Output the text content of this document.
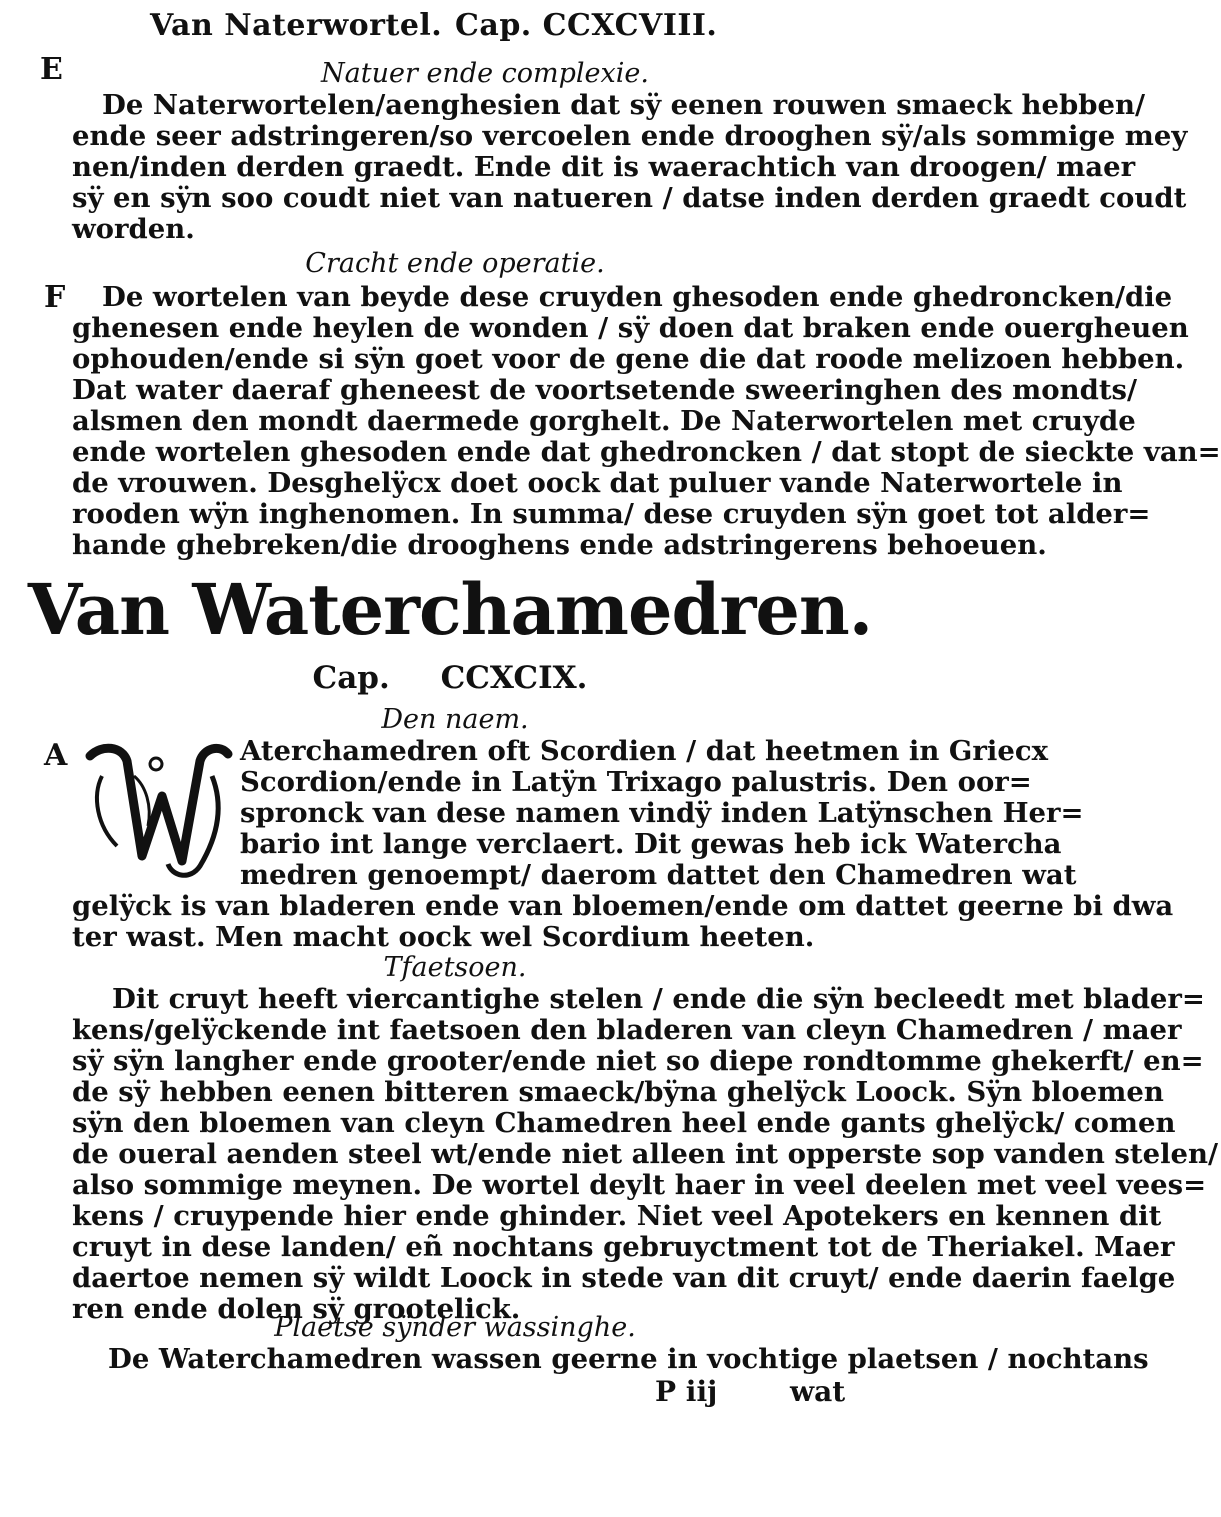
Van Naterwortel. Cap. CCXCVIII.
E	Natuer ende complexie.
De Naterwortelen/aenghesien dat sÿ eenen rouwen smaeck hebben/
ende seer adstringeren/so vercoelen ende drooghen sÿ/als sommige mey
nen/inden derden graedt. Ende dit is waerachtich van droogen/ maer
sÿ en sÿn soo coudt niet van natueren / datse inden derden graedt coudt
worden.
Cracht ende operatie.
F	De wortelen van beyde dese cruyden ghesoden ende ghedroncken/die
ghenesen ende heylen de wonden / sÿ doen dat braken ende ouergheuen
ophouden/ende si sÿn goet voor de gene die dat roode melizoen hebben.
Dat water daeraf gheneest de voortsetende sweeringhen des mondts/
alsmen den mondt daermede gorghelt. De Naterwortelen met cruyde
ende wortelen ghesoden ende dat ghedroncken / dat stopt de sieckte van=
de vrouwen. Desghelÿcx doet oock dat puluer vande Naterwortele in
rooden wÿn inghenomen. In summa/ dese cruyden sÿn goet tot alder=
hande ghebreken/die drooghens ende adstringerens behoeuen.
Van Waterchamedren.
Cap. CCXCIX.
Den naem.
A
W
Aterchamedren oft Scordien / dat heetmen in Griecx
Scordion/ende in Latÿn Trixago palustris. Den oor=
spronck van dese namen vindÿ inden Latÿnschen Her=
bario int lange verclaert. Dit gewas heb ick Watercha
medren genoempt/ daerom dattet den Chamedren wat
gelÿck is van bladeren ende van bloemen/ende om dattet geerne bi dwa
ter wast. Men macht oock wel Scordium heeten.
Tfaetsoen.
Dit cruyt heeft viercantighe stelen / ende die sÿn becleedt met blader=
kens/gelÿckende int faetsoen den bladeren van cleyn Chamedren / maer
sÿ sÿn langher ende grooter/ende niet so diepe rondtomme ghekerft/ en=
de sÿ hebben eenen bitteren smaeck/bÿna ghelÿck Loock. Sÿn bloemen
sÿn den bloemen van cleyn Chamedren heel ende gants ghelÿck/ comen
de oueral aenden steel wt/ende niet alleen int opperste sop vanden stelen/
also sommige meynen. De wortel deylt haer in veel deelen met veel vees=
kens / cruypende hier ende ghinder. Niet veel Apotekers en kennen dit
cruyt in dese landen/ eñ nochtans gebruyctment tot de Theriakel. Maer
daertoe nemen sÿ wildt Loock in stede van dit cruyt/ ende daerin faelge
ren ende dolen sÿ grootelick.
Plaetse sÿnder wassinghe.
De Waterchamedren wassen geerne in vochtige plaetsen / nochtans
P iij	wat
